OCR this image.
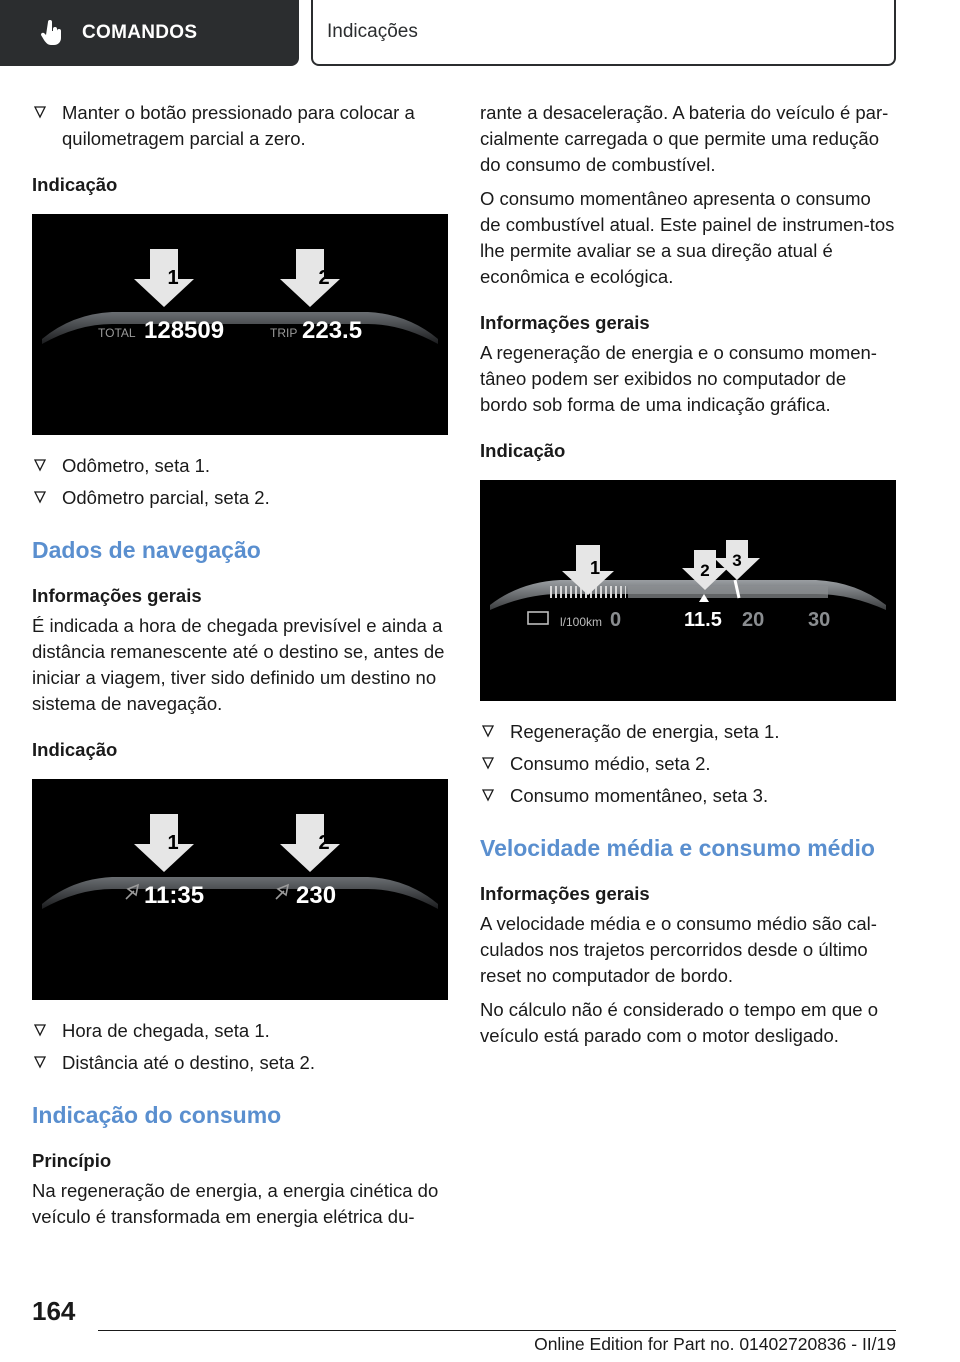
COMANDOS	Indicações
Manter o botão pressionado para colocar a quilometragem parcial a zero.
Indicação
1	2
TOTAL 128509	TRIP 223.5
Odômetro, seta 1.
Odômetro parcial, seta 2.
Dados de navegação
Informações gerais

É indicada a hora de chegada previsível e ainda a distância remanescente até o destino se, antes de iniciar a viagem, tiver sido definido um destino no sistema de navegação.

Indicação
1	2
11:35	230
Hora de chegada, seta 1.
Distância até o destino, seta 2.
Indicação do consumo
Princípio

Na regeneração de energia, a energia cinética do veículo é transformada em energia elétrica du-

rante a desaceleração. A bateria do veículo é par-cialmente carregada o que permite uma redução do consumo de combustível.

O consumo momentâneo apresenta o consumo de combustível atual. Este painel de instrumen-tos lhe permite avaliar se a sua direção atual é econômica e ecológica.

Informações gerais

A regeneração de energia e o consumo momen-tâneo podem ser exibidos no computador de bordo sob forma de uma indicação gráfica.

Indicação
1	2
3
l/100km 0	11.5 20 30
Regeneração de energia, seta 1.
Consumo médio, seta 2.
Consumo momentâneo, seta 3.
Velocidade média e consumo médio
Informações gerais

A velocidade média e o consumo médio são cal-culados nos trajetos percorridos desde o último reset no computador de bordo.

No cálculo não é considerado o tempo em que o veículo está parado com o motor desligado.

164
Online Edition for Part no. 01402720836 - II/19
